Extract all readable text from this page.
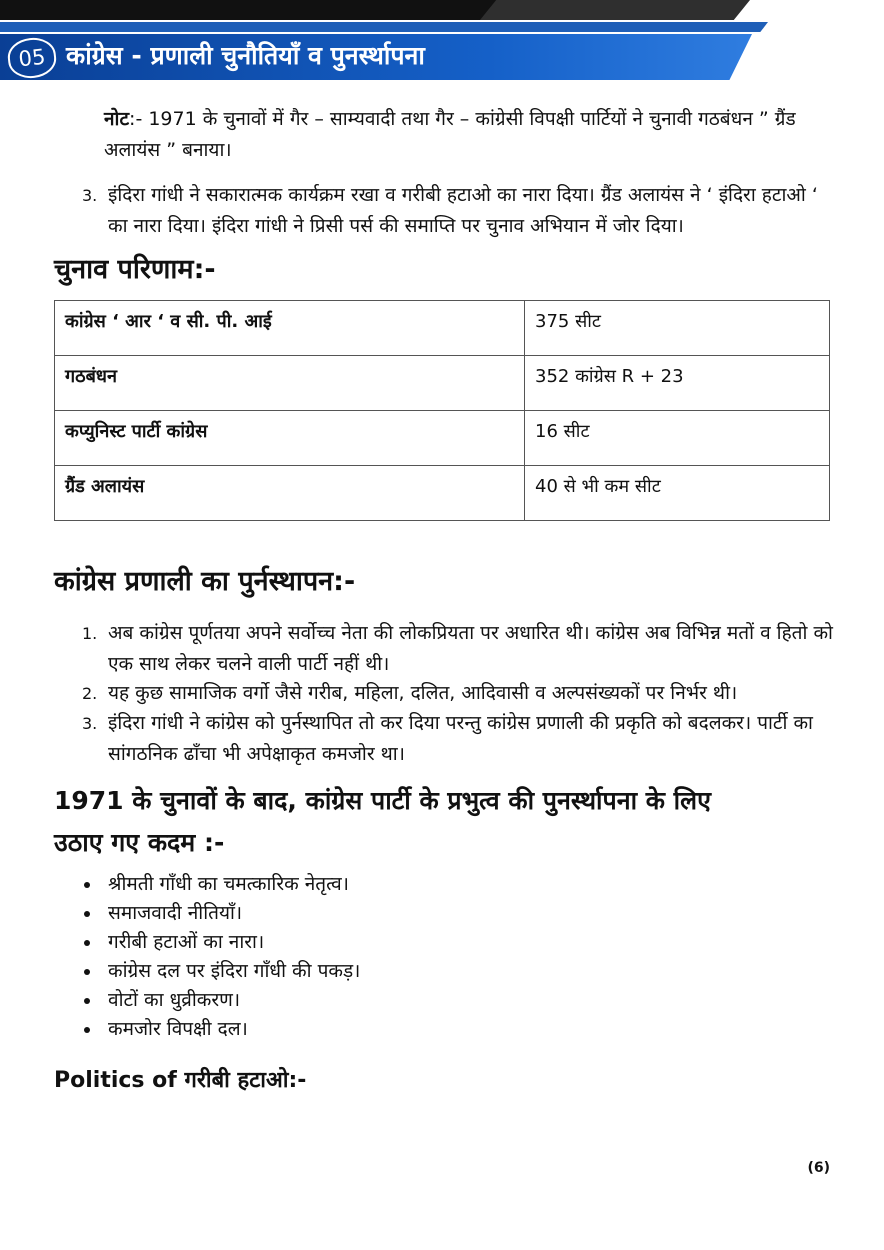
05 कांग्रेस - प्रणाली चुनौतियाँ व पुनर्स्थापना
नोट:- 1971 के चुनावों में गैर – साम्यवादी तथा गैर – कांग्रेसी विपक्षी पार्टियों ने चुनावी गठबंधन ” ग्रैंड अलायंस ” बनाया।
3. इंदिरा गांधी ने सकारात्मक कार्यक्रम रखा व गरीबी हटाओ का नारा दिया। ग्रैंड अलायंस ने ‘ इंदिरा हटाओ ‘ का नारा दिया। इंदिरा गांधी ने प्रिसी पर्स की समाप्ति पर चुनाव अभियान में जोर दिया।
चुनाव परिणाम:-
कांग्रेस ‘ आर ‘ व सी. पी. आई	375 सीट
गठबंधन	352 कांग्रेस R + 23
कप्युनिस्ट पार्टी कांग्रेस	16 सीट
ग्रैंड अलायंस	40 से भी कम सीट
कांग्रेस प्रणाली का पुर्नस्थापन:-
1. अब कांग्रेस पूर्णतया अपने सर्वोच्च नेता की लोकप्रियता पर अधारित थी। कांग्रेस अब विभिन्न मतों व हितो को एक साथ लेकर चलने वाली पार्टी नहीं थी।
2. यह कुछ सामाजिक वर्गो जैसे गरीब, महिला, दलित, आदिवासी व अल्पसंख्यकों पर निर्भर थी।
3. इंदिरा गांधी ने कांग्रेस को पुर्नस्थापित तो कर दिया परन्तु कांग्रेस प्रणाली की प्रकृति को बदलकर। पार्टी का सांगठनिक ढाँचा भी अपेक्षाकृत कमजोर था।
1971 के चुनावों के बाद, कांग्रेस पार्टी के प्रभुत्व की पुनर्स्थापना के लिए
उठाए गए कदम :-
श्रीमती गाँधी का चमत्कारिक नेतृत्व।
समाजवादी नीतियाँ।
गरीबी हटाओं का नारा।
कांग्रेस दल पर इंदिरा गाँधी की पकड़।
वोटों का धुव्रीकरण।
कमजोर विपक्षी दल।
Politics of गरीबी हटाओ:-
(6)
